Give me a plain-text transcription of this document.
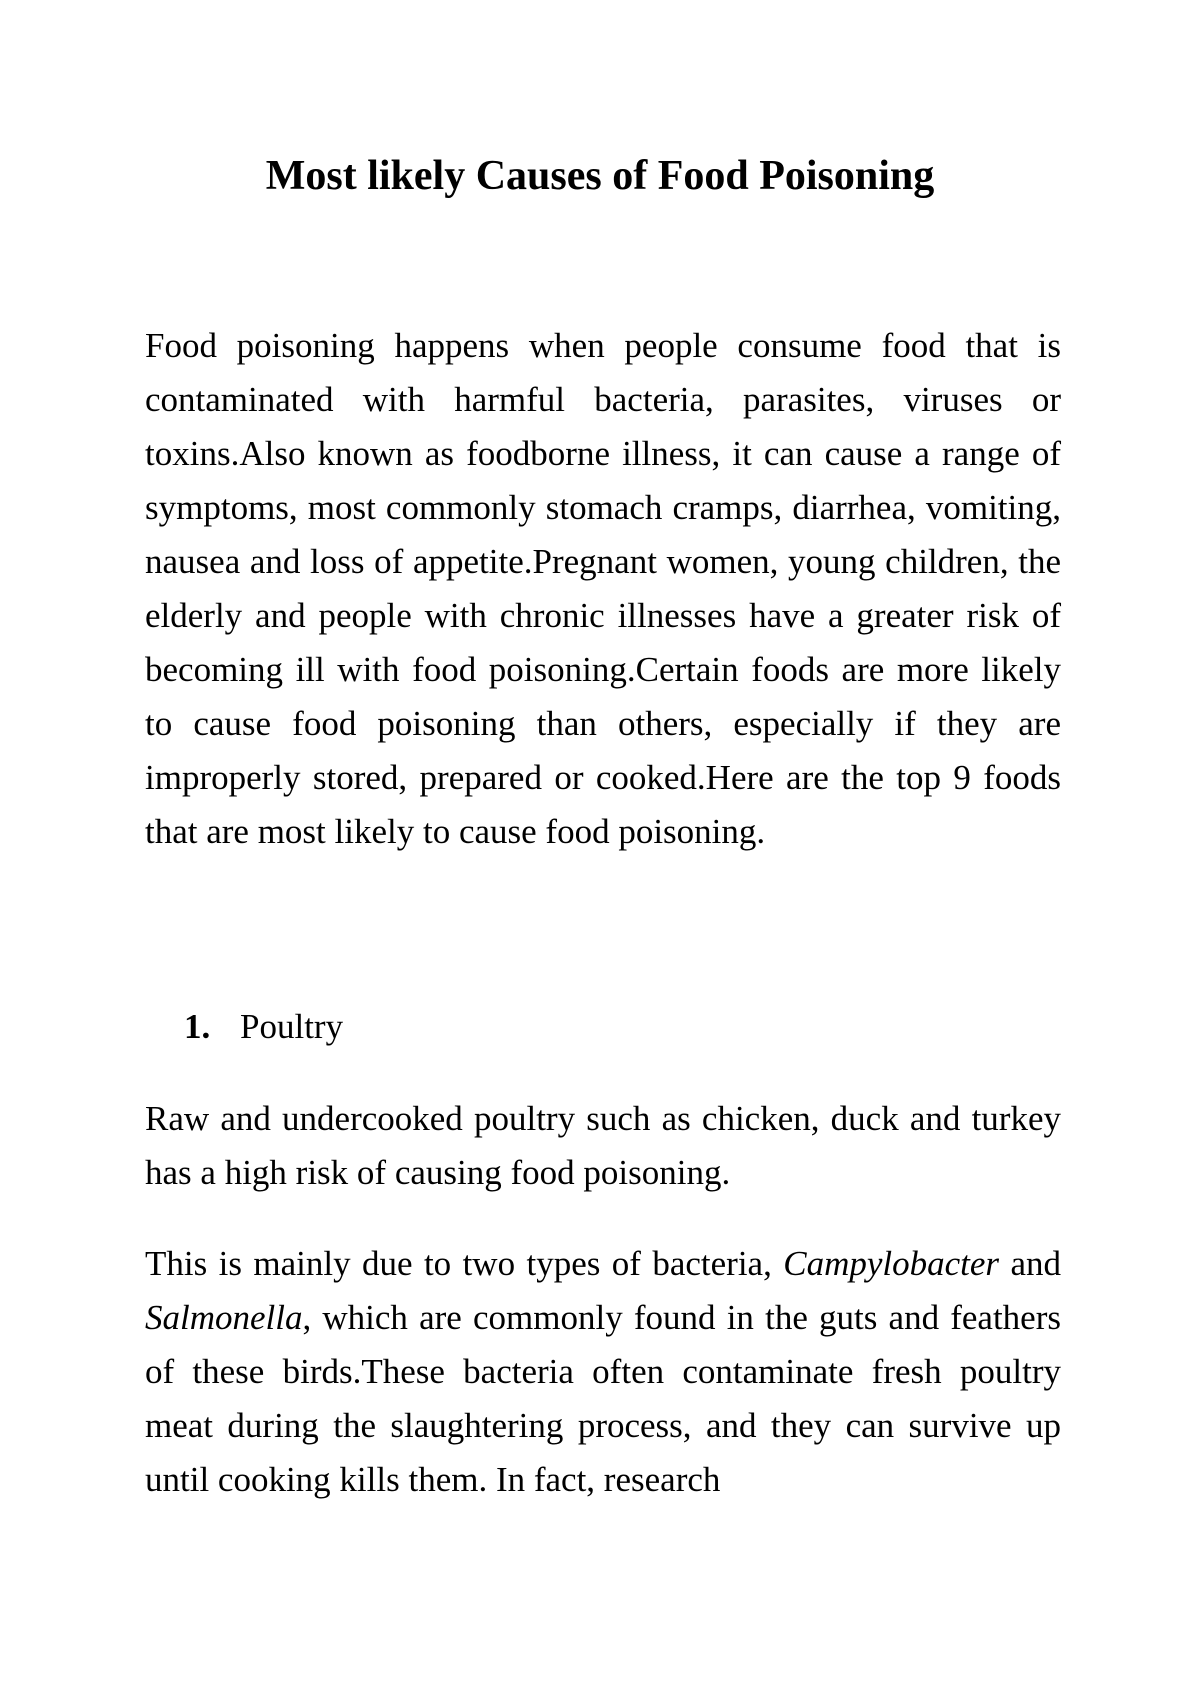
Most likely Causes of Food Poisoning

Food poisoning happens when people consume food that is contaminated with harmful bacteria, parasites, viruses or toxins.Also known as foodborne illness, it can cause a range of symptoms, most commonly stomach cramps, diarrhea, vomiting, nausea and loss of appetite.Pregnant women, young children, the elderly and people with chronic illnesses have a greater risk of becoming ill with food poisoning.Certain foods are more likely to cause food poisoning than others, especially if they are improperly stored, prepared or cooked.Here are the top 9 foods that are most likely to cause food poisoning.

1. Poultry

Raw and undercooked poultry such as chicken, duck and turkey has a high risk of causing food poisoning.

This is mainly due to two types of bacteria, Campylobacter and Salmonella, which are commonly found in the guts and feathers of these birds.These bacteria often contaminate fresh poultry meat during the slaughtering process, and they can survive up until cooking kills them. In fact, research
